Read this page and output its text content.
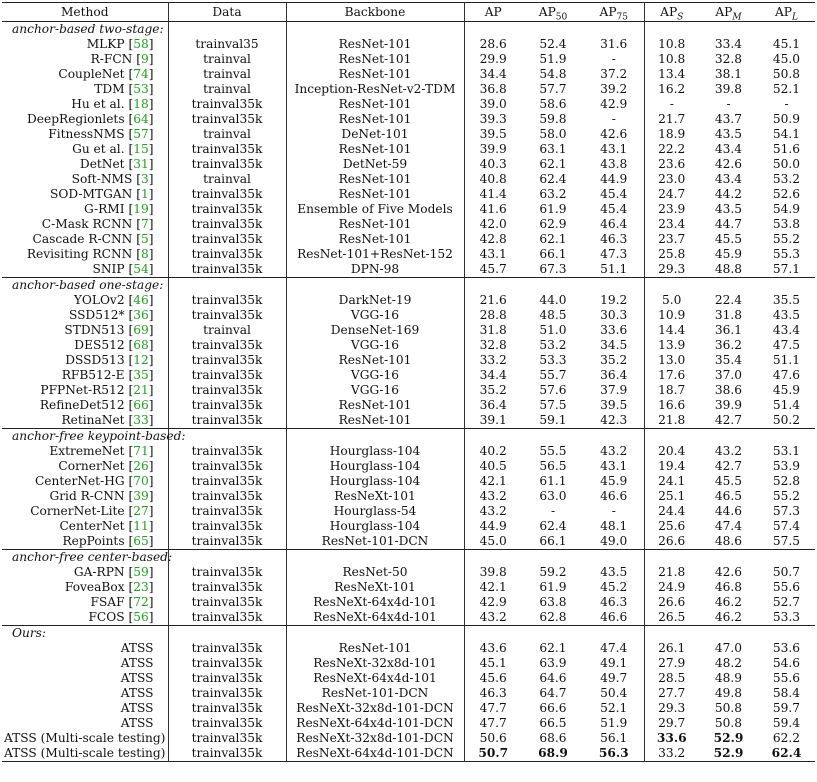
Method	Data	Backbone	AP	$AP_{50}$	$AP_{75}$	$AP_S$	$AP_M$	$AP_L$
anchor-based two-stage:								
MLKP [58]	trainval35	ResNet-101	28.6	52.4	31.6	10.8	33.4	45.1
R-FCN [9]	trainval	ResNet-101	29.9	51.9	-	10.8	32.8	45.0
CoupleNet [74]	trainval	ResNet-101	34.4	54.8	37.2	13.4	38.1	50.8
TDM [53]	trainval	Inception-ResNet-v2-TDM	36.8	57.7	39.2	16.2	39.8	52.1
Hu et al. [18]	trainval35k	ResNet-101	39.0	58.6	42.9	-	-	-
DeepRegionlets [64]	trainval35k	ResNet-101	39.3	59.8	-	21.7	43.7	50.9
FitnessNMS [57]	trainval	DeNet-101	39.5	58.0	42.6	18.9	43.5	54.1
Gu et al. [15]	trainval35k	ResNet-101	39.9	63.1	43.1	22.2	43.4	51.6
DetNet [31]	trainval35k	DetNet-59	40.3	62.1	43.8	23.6	42.6	50.0
Soft-NMS [3]	trainval	ResNet-101	40.8	62.4	44.9	23.0	43.4	53.2
SOD-MTGAN [1]	trainval35k	ResNet-101	41.4	63.2	45.4	24.7	44.2	52.6
G-RMI [19]	trainval35k	Ensemble of Five Models	41.6	61.9	45.4	23.9	43.5	54.9
C-Mask RCNN [7]	trainval35k	ResNet-101	42.0	62.9	46.4	23.4	44.7	53.8
Cascade R-CNN [5]	trainval35k	ResNet-101	42.8	62.1	46.3	23.7	45.5	55.2
Revisiting RCNN [8]	trainval35k	ResNet-101+ResNet-152	43.1	66.1	47.3	25.8	45.9	55.3
SNIP [54]	trainval35k	DPN-98	45.7	67.3	51.1	29.3	48.8	57.1
anchor-based one-stage:								
YOLOv2 [46]	trainval35k	DarkNet-19	21.6	44.0	19.2	5.0	22.4	35.5
SSD512* [36]	trainval35k	VGG-16	28.8	48.5	30.3	10.9	31.8	43.5
STDN513 [69]	trainval	DenseNet-169	31.8	51.0	33.6	14.4	36.1	43.4
DES512 [68]	trainval35k	VGG-16	32.8	53.2	34.5	13.9	36.2	47.5
DSSD513 [12]	trainval35k	ResNet-101	33.2	53.3	35.2	13.0	35.4	51.1
RFB512-E [35]	trainval35k	VGG-16	34.4	55.7	36.4	17.6	37.0	47.6
PFPNet-R512 [21]	trainval35k	VGG-16	35.2	57.6	37.9	18.7	38.6	45.9
RefineDet512 [66]	trainval35k	ResNet-101	36.4	57.5	39.5	16.6	39.9	51.4
RetinaNet [33]	trainval35k	ResNet-101	39.1	59.1	42.3	21.8	42.7	50.2
anchor-free keypoint-based:								
ExtremeNet [71]	trainval35k	Hourglass-104	40.2	55.5	43.2	20.4	43.2	53.1
CornerNet [26]	trainval35k	Hourglass-104	40.5	56.5	43.1	19.4	42.7	53.9
CenterNet-HG [70]	trainval35k	Hourglass-104	42.1	61.1	45.9	24.1	45.5	52.8
Grid R-CNN [39]	trainval35k	ResNeXt-101	43.2	63.0	46.6	25.1	46.5	55.2
CornerNet-Lite [27]	trainval35k	Hourglass-54	43.2	-	-	24.4	44.6	57.3
CenterNet [11]	trainval35k	Hourglass-104	44.9	62.4	48.1	25.6	47.4	57.4
RepPoints [65]	trainval35k	ResNet-101-DCN	45.0	66.1	49.0	26.6	48.6	57.5
anchor-free center-based:								
GA-RPN [59]	trainval35k	ResNet-50	39.8	59.2	43.5	21.8	42.6	50.7
FoveaBox [23]	trainval35k	ResNeXt-101	42.1	61.9	45.2	24.9	46.8	55.6
FSAF [72]	trainval35k	ResNeXt-64x4d-101	42.9	63.8	46.3	26.6	46.2	52.7
FCOS [56]	trainval35k	ResNeXt-64x4d-101	43.2	62.8	46.6	26.5	46.2	53.3
Ours:								
ATSS	trainval35k	ResNet-101	43.6	62.1	47.4	26.1	47.0	53.6
ATSS	trainval35k	ResNeXt-32x8d-101	45.1	63.9	49.1	27.9	48.2	54.6
ATSS	trainval35k	ResNeXt-64x4d-101	45.6	64.6	49.7	28.5	48.9	55.6
ATSS	trainval35k	ResNet-101-DCN	46.3	64.7	50.4	27.7	49.8	58.4
ATSS	trainval35k	ResNeXt-32x8d-101-DCN	47.7	66.6	52.1	29.3	50.8	59.7
ATSS	trainval35k	ResNeXt-64x4d-101-DCN	47.7	66.5	51.9	29.7	50.8	59.4
ATSS (Multi-scale testing)	trainval35k	ResNeXt-32x8d-101-DCN	50.6	68.6	56.1	33.6	52.9	62.2
ATSS (Multi-scale testing)	trainval35k	ResNeXt-64x4d-101-DCN	50.7	68.9	56.3	33.2	52.9	62.4
